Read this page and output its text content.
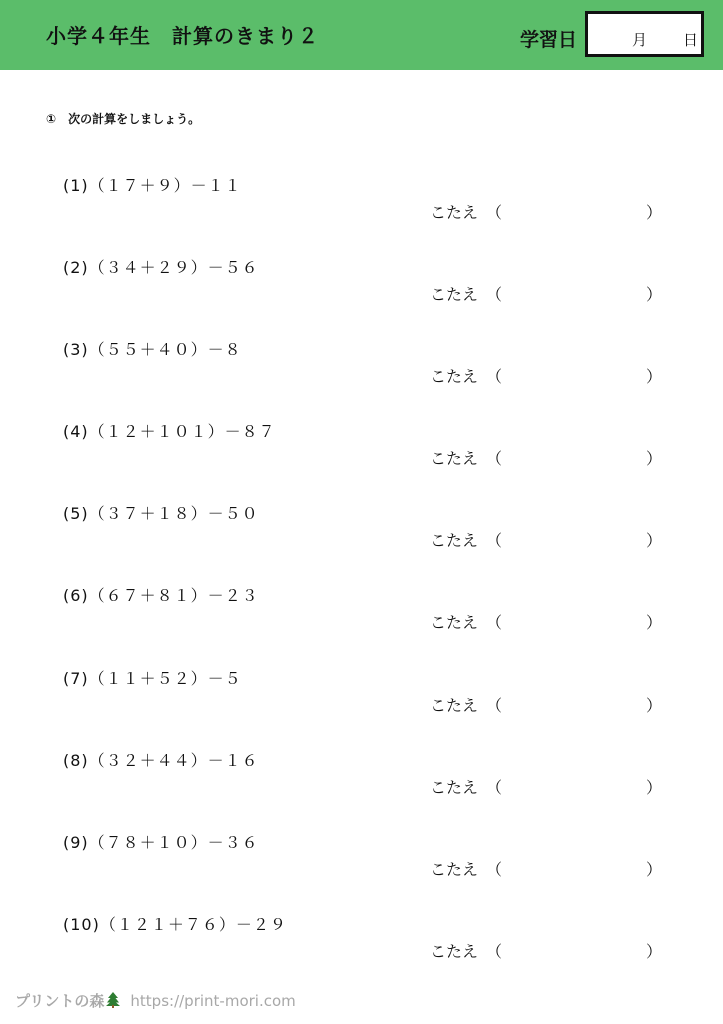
小学４年生　計算のきまり２	学習日	月 日
① 次の計算をしましょう。
(1)（１７＋９）－１１
こたえ （	）
(2)（３４＋２９）－５６
こたえ （	）
(3)（５５＋４０）－８
こたえ （	）
(4)（１２＋１０１）－８７
こたえ （	）
(5)（３７＋１８）－５０
こたえ （	）
(6)（６７＋８１）－２３
こたえ （	）
(7)（１１＋５２）－５
こたえ （	）
(8)（３２＋４４）－１６
こたえ （	）
(9)（７８＋１０）－３６
こたえ （	）
(10)（１２１＋７６）－２９
こたえ （	）
プリントの森 https://print-mori.com
